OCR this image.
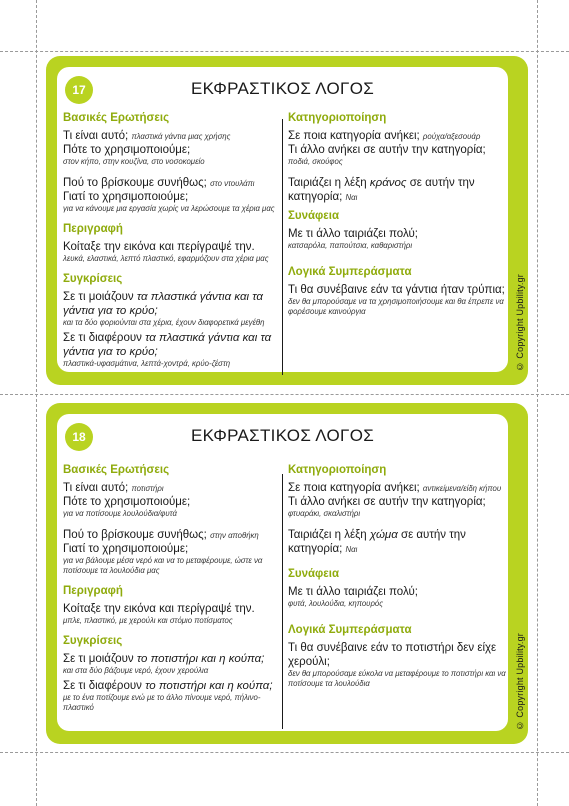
© Copyright Upbility.gr
17	ΕΚΦΡΑΣΤΙΚΟΣ ΛΟΓΟΣ
Βασικές Ερωτήσεις
Τι είναι αυτό; πλαστικά γάντια μιας χρήσης
Πότε το χρησιμοποιούμε;
στον κήπο, στην κουζίνα, στο νοσοκομείο
Πού το βρίσκουμε συνήθως; στο ντουλάπι
Γιατί το χρησιμοποιούμε;
για να κάνουμε μια εργασία χωρίς να λερώσουμε τα χέρια μας
Περιγραφή
Κοίταξε την εικόνα και περίγραψέ την.
λευκά, ελαστικά, λεπτό πλαστικό, εφαρμόζουν στα χέρια μας
Συγκρίσεις
Σε τι μοιάζουν τα πλαστικά γάντια και τα γάντια για το κρύο;
και τα δύο φοριούνται στα χέρια, έχουν διαφορετικά μεγέθη
Σε τι διαφέρουν τα πλαστικά γάντια και τα γάντια για το κρύο;
πλαστικά-υφασμάτινα, λεπτά-χοντρά, κρύο-ζέστη
Κατηγοριοποίηση
Σε ποια κατηγορία ανήκει; ρούχα/αξεσουάρ
Τι άλλο ανήκει σε αυτήν την κατηγορία;
ποδιά, σκούφος
Ταιριάζει η λέξη κράνος σε αυτήν την κατηγορία; Ναι
Συνάφεια
Με τι άλλο ταιριάζει πολύ;
κατσαρόλα, παπούτσια, καθαριστήρι
Λογικά Συμπεράσματα
Τι θα συνέβαινε εάν τα γάντια ήταν τρύπια;
δεν θα μπορούσαμε να τα χρησιμοποιήσουμε και θα έπρεπε να φορέσουμε καινούργια
© Copyright Upbility.gr
18	ΕΚΦΡΑΣΤΙΚΟΣ ΛΟΓΟΣ
Βασικές Ερωτήσεις
Τι είναι αυτό; ποτιστήρι
Πότε το χρησιμοποιούμε;
για να ποτίσουμε λουλούδια/φυτά
Πού το βρίσκουμε συνήθως; στην αποθήκη
Γιατί το χρησιμοποιούμε;
για να βάλουμε μέσα νερό και να το μεταφέρουμε, ώστε να ποτίσουμε τα λουλούδια μας
Περιγραφή
Κοίταξε την εικόνα και περίγραψέ την.
μπλε, πλαστικό, με χερούλι και στόμιο ποτίσματος
Συγκρίσεις
Σε τι μοιάζουν το ποτιστήρι και η κούπα;
και στα δύο βάζουμε νερό, έχουν χερούλια
Σε τι διαφέρουν το ποτιστήρι και η κούπα;
με το ένα ποτίζουμε ενώ με το άλλο πίνουμε νερό, πήλινο-πλαστικό
Κατηγοριοποίηση
Σε ποια κατηγορία ανήκει; αντικείμενα/είδη κήπου
Τι άλλο ανήκει σε αυτήν την κατηγορία;
φτυαράκι, σκαλιστήρι
Ταιριάζει η λέξη χώμα σε αυτήν την κατηγορία; Ναι
Συνάφεια
Με τι άλλο ταιριάζει πολύ;
φυτά, λουλούδια, κηπουρός
Λογικά Συμπεράσματα
Τι θα συνέβαινε εάν το ποτιστήρι δεν είχε χερούλι;
δεν θα μπορούσαμε εύκολα να μεταφέρουμε το ποτιστήρι και να ποτίσουμε τα λουλούδια
